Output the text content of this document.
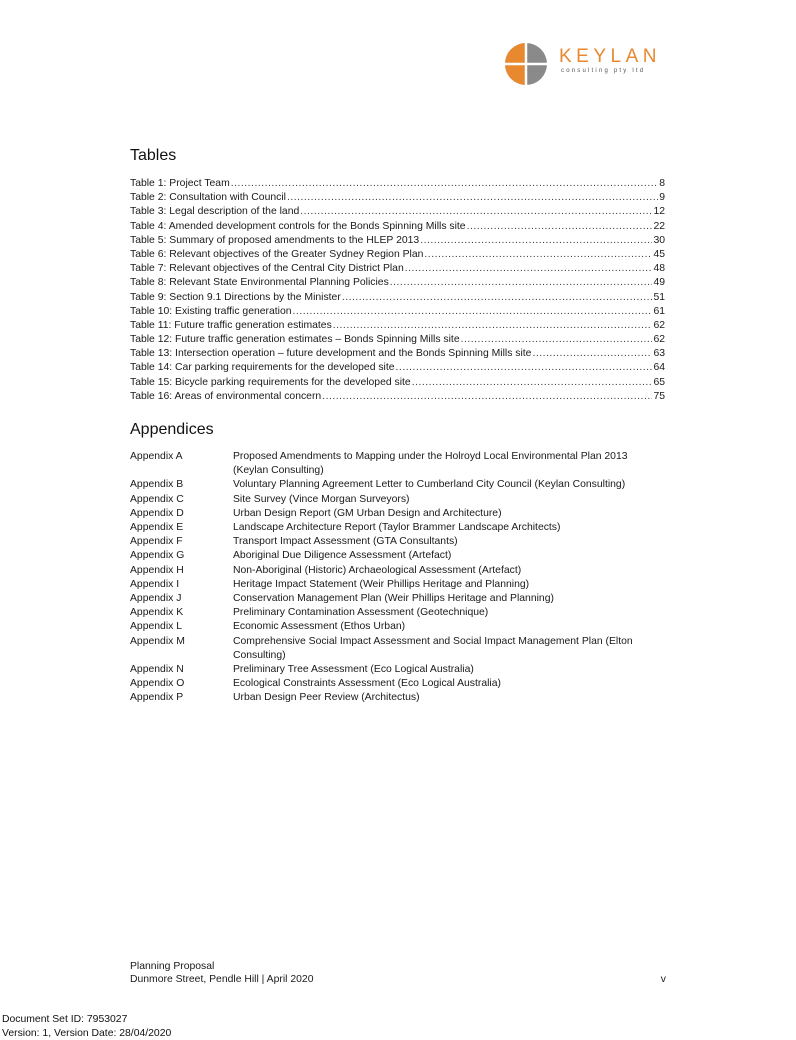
KEYLAN
consulting pty ltd
Tables
Table 1: Project Team .....	8
Table 2: Consultation with Council .....	9
Table 3: Legal description of the land .....	12
Table 4: Amended development controls for the Bonds Spinning Mills site .....	22
Table 5: Summary of proposed amendments to the HLEP 2013 .....	30
Table 6: Relevant objectives of the Greater Sydney Region Plan .....	45
Table 7: Relevant objectives of the Central City District Plan .....	48
Table 8: Relevant State Environmental Planning Policies .....	49
Table 9: Section 9.1 Directions by the Minister .....	51
Table 10: Existing traffic generation .....	61
Table 11: Future traffic generation estimates .....	62
Table 12: Future traffic generation estimates – Bonds Spinning Mills site .....	62
Table 13: Intersection operation – future development and the Bonds Spinning Mills site .....	63
Table 14: Car parking requirements for the developed site .....	64
Table 15: Bicycle parking requirements for the developed site .....	65
Table 16: Areas of environmental concern .....	75
Appendices
Appendix A	Proposed Amendments to Mapping under the Holroyd Local Environmental Plan 2013 (Keylan Consulting)
Appendix B	Voluntary Planning Agreement Letter to Cumberland City Council (Keylan Consulting)
Appendix C	Site Survey (Vince Morgan Surveyors)
Appendix D	Urban Design Report (GM Urban Design and Architecture)
Appendix E	Landscape Architecture Report (Taylor Brammer Landscape Architects)
Appendix F	Transport Impact Assessment (GTA Consultants)
Appendix G	Aboriginal Due Diligence Assessment (Artefact)
Appendix H	Non-Aboriginal (Historic) Archaeological Assessment (Artefact)
Appendix I	Heritage Impact Statement (Weir Phillips Heritage and Planning)
Appendix J	Conservation Management Plan (Weir Phillips Heritage and Planning)
Appendix K	Preliminary Contamination Assessment (Geotechnique)
Appendix L	Economic Assessment (Ethos Urban)
Appendix M	Comprehensive Social Impact Assessment and Social Impact Management Plan (Elton Consulting)
Appendix N	Preliminary Tree Assessment (Eco Logical Australia)
Appendix O	Ecological Constraints Assessment (Eco Logical Australia)
Appendix P	Urban Design Peer Review (Architectus)
Planning Proposal
Dunmore Street, Pendle Hill | April 2020	v
Document Set ID: 7953027
Version: 1, Version Date: 28/04/2020
